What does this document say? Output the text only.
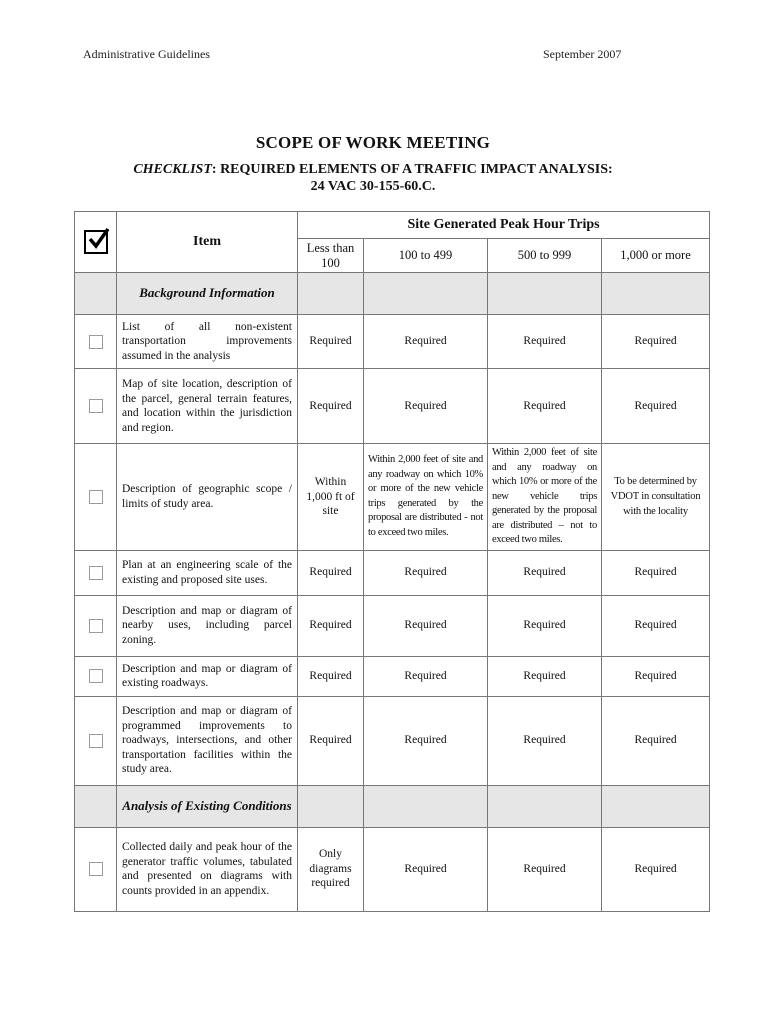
Administrative Guidelines	September 2007
SCOPE OF WORK MEETING
CHECKLIST: REQUIRED ELEMENTS OF A TRAFFIC IMPACT ANALYSIS:
24 VAC 30-155-60.C.
	Item	Site Generated Peak Hour Trips			
		Less than 100	100 to 499	500 to 999	1,000 or more
	Background Information				
	List of all non-existent transportation improvements assumed in the analysis	Required	Required	Required	Required
	Map of site location, description of the parcel, general terrain features, and location within the jurisdiction and region.	Required	Required	Required	Required
	Description of geographic scope / limits of study area.	Within 1,000 ft of site	Within 2,000 feet of site and any roadway on which 10% or more of the new vehicle trips generated by the proposal are distributed - not to exceed two miles.	Within 2,000 feet of site and any roadway on which 10% or more of the new vehicle trips generated by the proposal are distributed – not to exceed two miles.	To be determined by VDOT in consultation with the locality
	Plan at an engineering scale of the existing and proposed site uses.	Required	Required	Required	Required
	Description and map or diagram of nearby uses, including parcel zoning.	Required	Required	Required	Required
	Description and map or diagram of existing roadways.	Required	Required	Required	Required
	Description and map or diagram of programmed improvements to roadways, intersections, and other transportation facilities within the study area.	Required	Required	Required	Required
	Analysis of Existing Conditions				
	Collected daily and peak hour of the generator traffic volumes, tabulated and presented on diagrams with counts provided in an appendix.	Only diagrams required	Required	Required	Required
